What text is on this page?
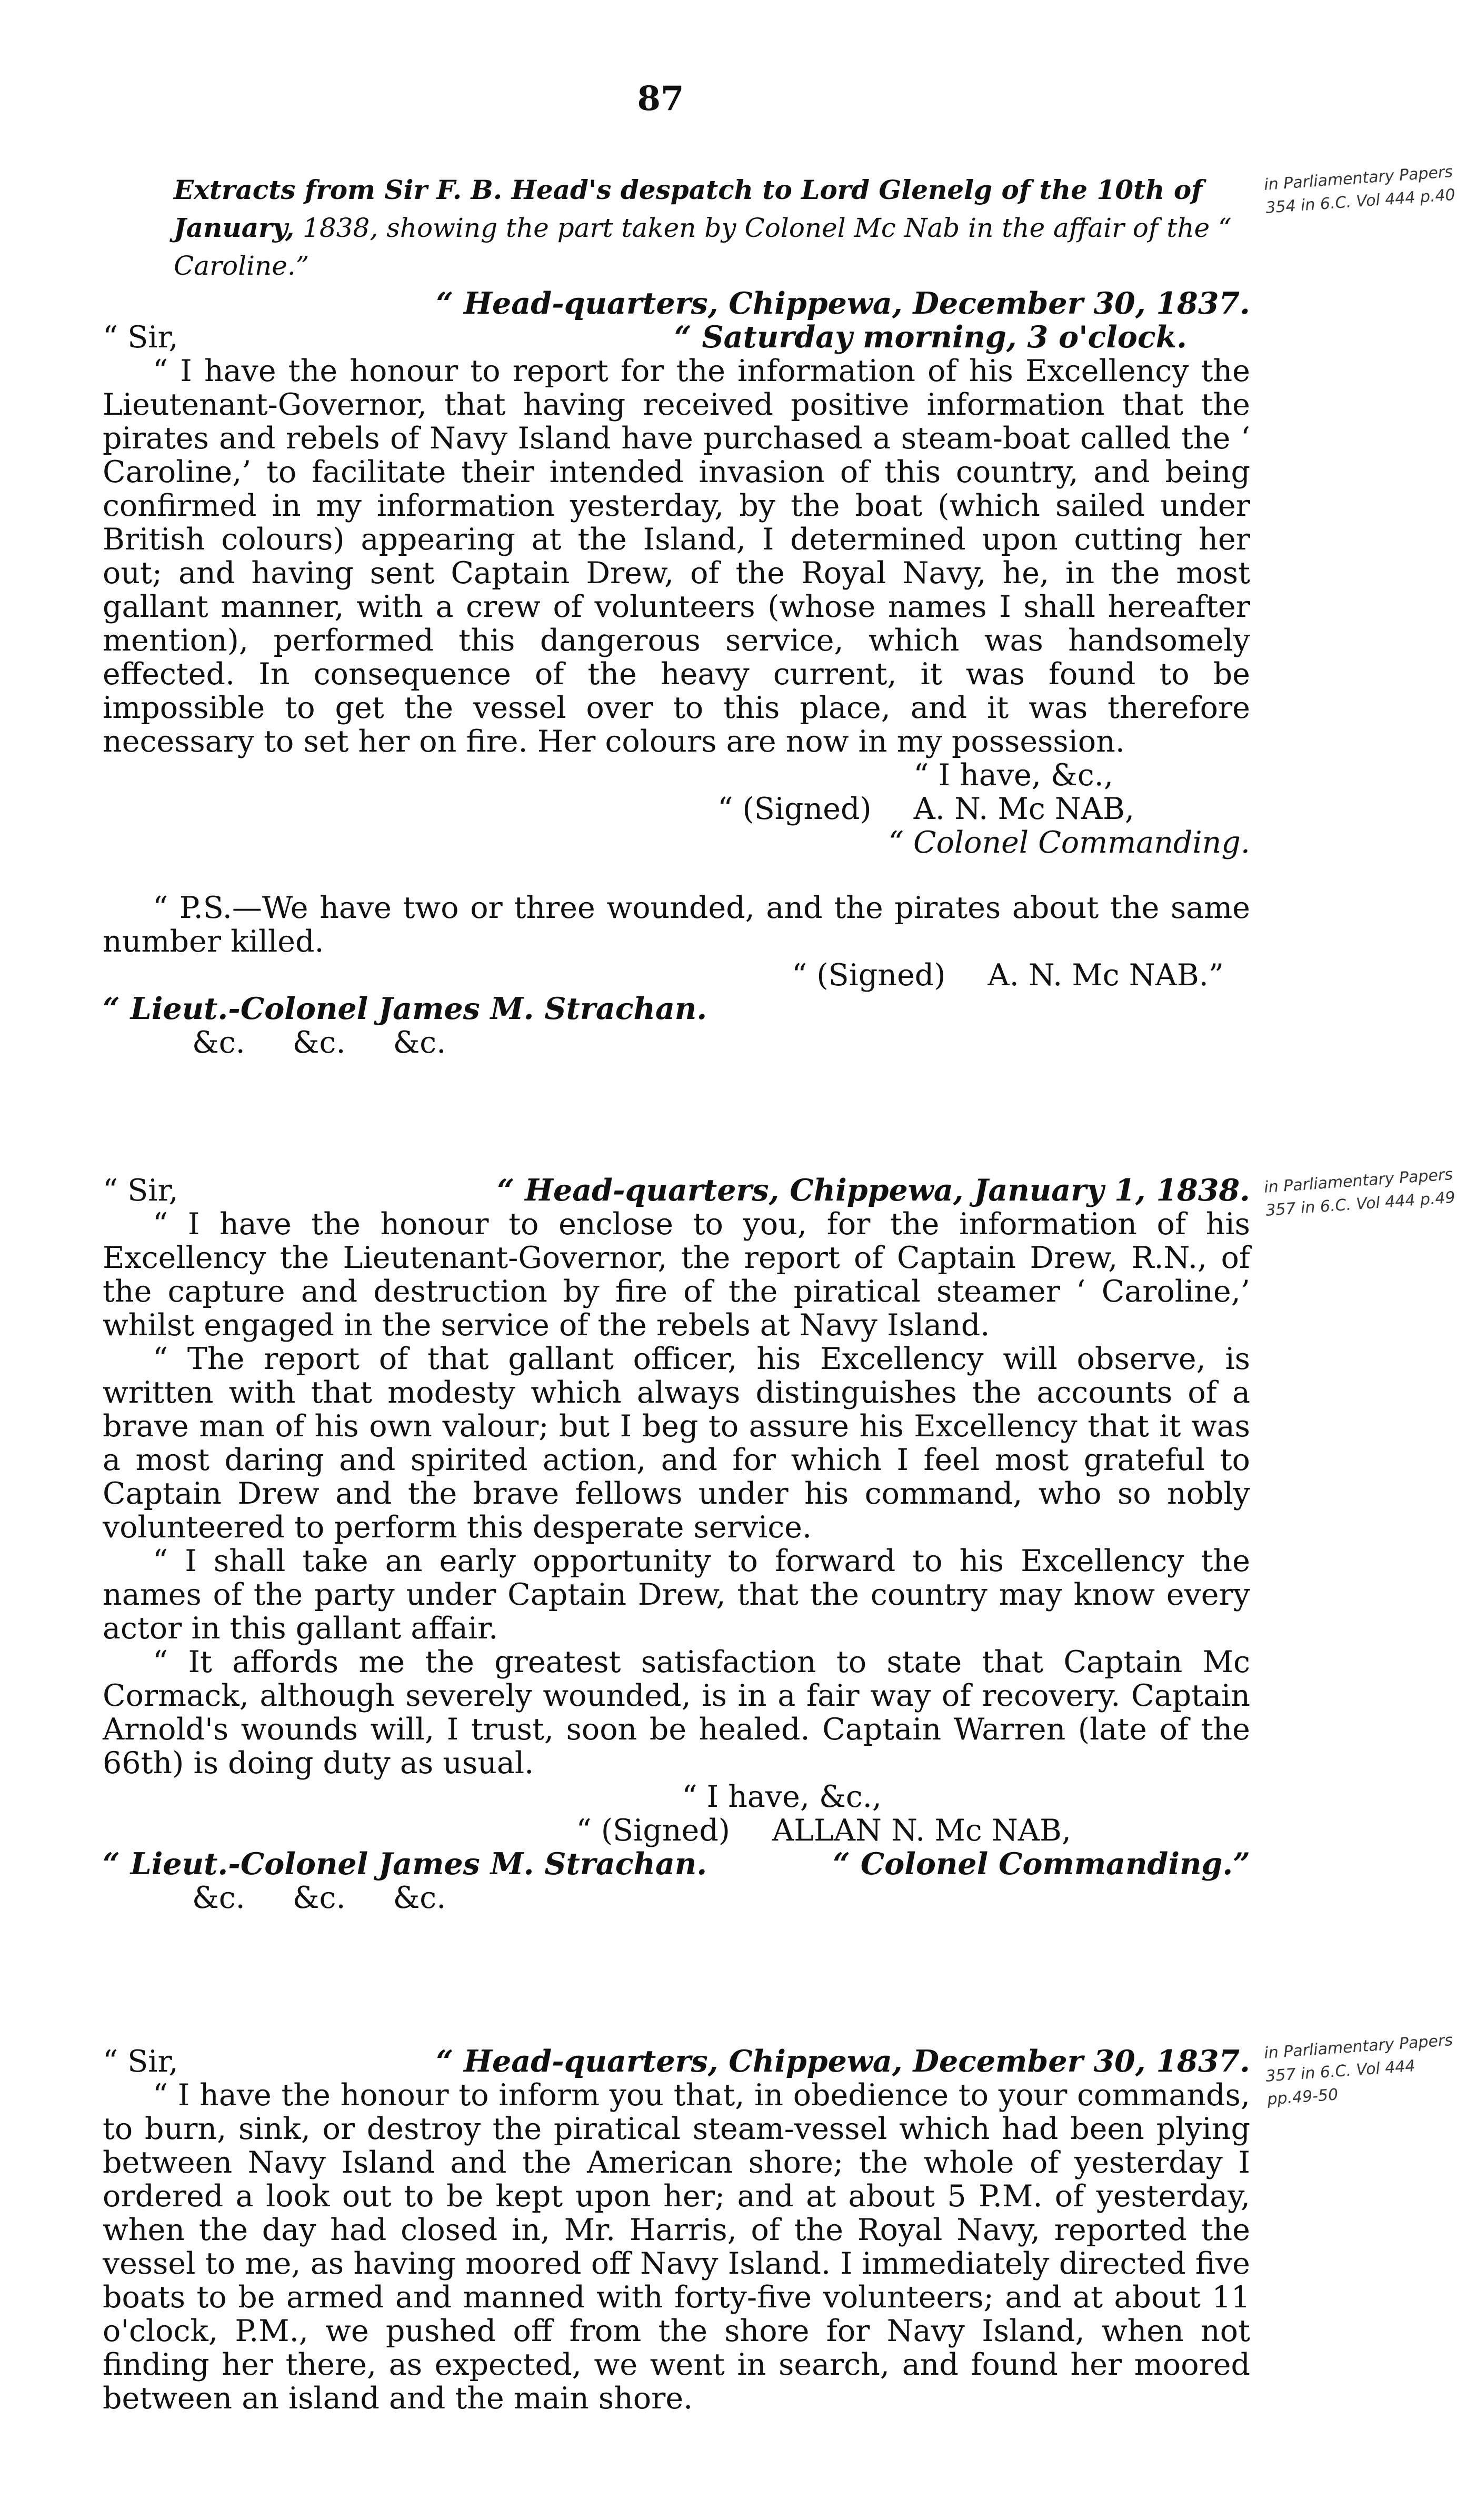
87
Extracts from Sir F. B. Head's despatch to Lord Glenelg of the 10th of January, 1838, showing the part taken by Colonel Mc Nab in the affair of the “ Caroline.”
in Parliamentary Papers 354 in 6.C. Vol 444 p.40
in Parliamentary Papers 357 in 6.C. Vol 444 p.49
in Parliamentary Papers 357 in 6.C. Vol 444 pp.49-50
“ Head-quarters, Chippewa, December 30, 1837.
“ Sir,	“ Saturday morning, 3 o'clock.

“ I have the honour to report for the information of his Excellency the Lieutenant-Governor, that having received positive information that the pirates and rebels of Navy Island have purchased a steam-boat called the ‘ Caroline,’ to facilitate their intended invasion of this country, and being confirmed in my information yesterday, by the boat (which sailed under British colours) appearing at the Island, I determined upon cutting her out; and having sent Captain Drew, of the Royal Navy, he, in the most gallant manner, with a crew of volunteers (whose names I shall hereafter mention), performed this dangerous service, which was handsomely effected. In consequence of the heavy current, it was found to be impossible to get the vessel over to this place, and it was therefore necessary to set her on fire. Her colours are now in my possession.

“ I have, &c.,
“ (Signed) A. N. Mc NAB,
“ Colonel Commanding.

“ P.S.—We have two or three wounded, and the pirates about the same number killed.

“ (Signed) A. N. Mc NAB.”
“ Lieut.-Colonel James M. Strachan.
&c. &c. &c.
“ Sir,	“ Head-quarters, Chippewa, January 1, 1838.

“ I have the honour to enclose to you, for the information of his Excellency the Lieutenant-Governor, the report of Captain Drew, R.N., of the capture and destruction by fire of the piratical steamer ‘ Caroline,’ whilst engaged in the service of the rebels at Navy Island.

“ The report of that gallant officer, his Excellency will observe, is written with that modesty which always distinguishes the accounts of a brave man of his own valour; but I beg to assure his Excellency that it was a most daring and spirited action, and for which I feel most grateful to Captain Drew and the brave fellows under his command, who so nobly volunteered to perform this desperate service.

“ I shall take an early opportunity to forward to his Excellency the names of the party under Captain Drew, that the country may know every actor in this gallant affair.

“ It affords me the greatest satisfaction to state that Captain Mc Cormack, although severely wounded, is in a fair way of recovery. Captain Arnold's wounds will, I trust, soon be healed. Captain Warren (late of the 66th) is doing duty as usual.

“ I have, &c.,
“ (Signed) ALLAN N. Mc NAB,
“ Lieut.-Colonel James M. Strachan.	“ Colonel Commanding.”
&c. &c. &c.
“ Sir,	“ Head-quarters, Chippewa, December 30, 1837.

“ I have the honour to inform you that, in obedience to your commands, to burn, sink, or destroy the piratical steam-vessel which had been plying between Navy Island and the American shore; the whole of yesterday I ordered a look out to be kept upon her; and at about 5 P.M. of yesterday, when the day had closed in, Mr. Harris, of the Royal Navy, reported the vessel to me, as having moored off Navy Island. I immediately directed five boats to be armed and manned with forty-five volunteers; and at about 11 o'clock, P.M., we pushed off from the shore for Navy Island, when not finding her there, as expected, we went in search, and found her moored between an island and the main shore.
